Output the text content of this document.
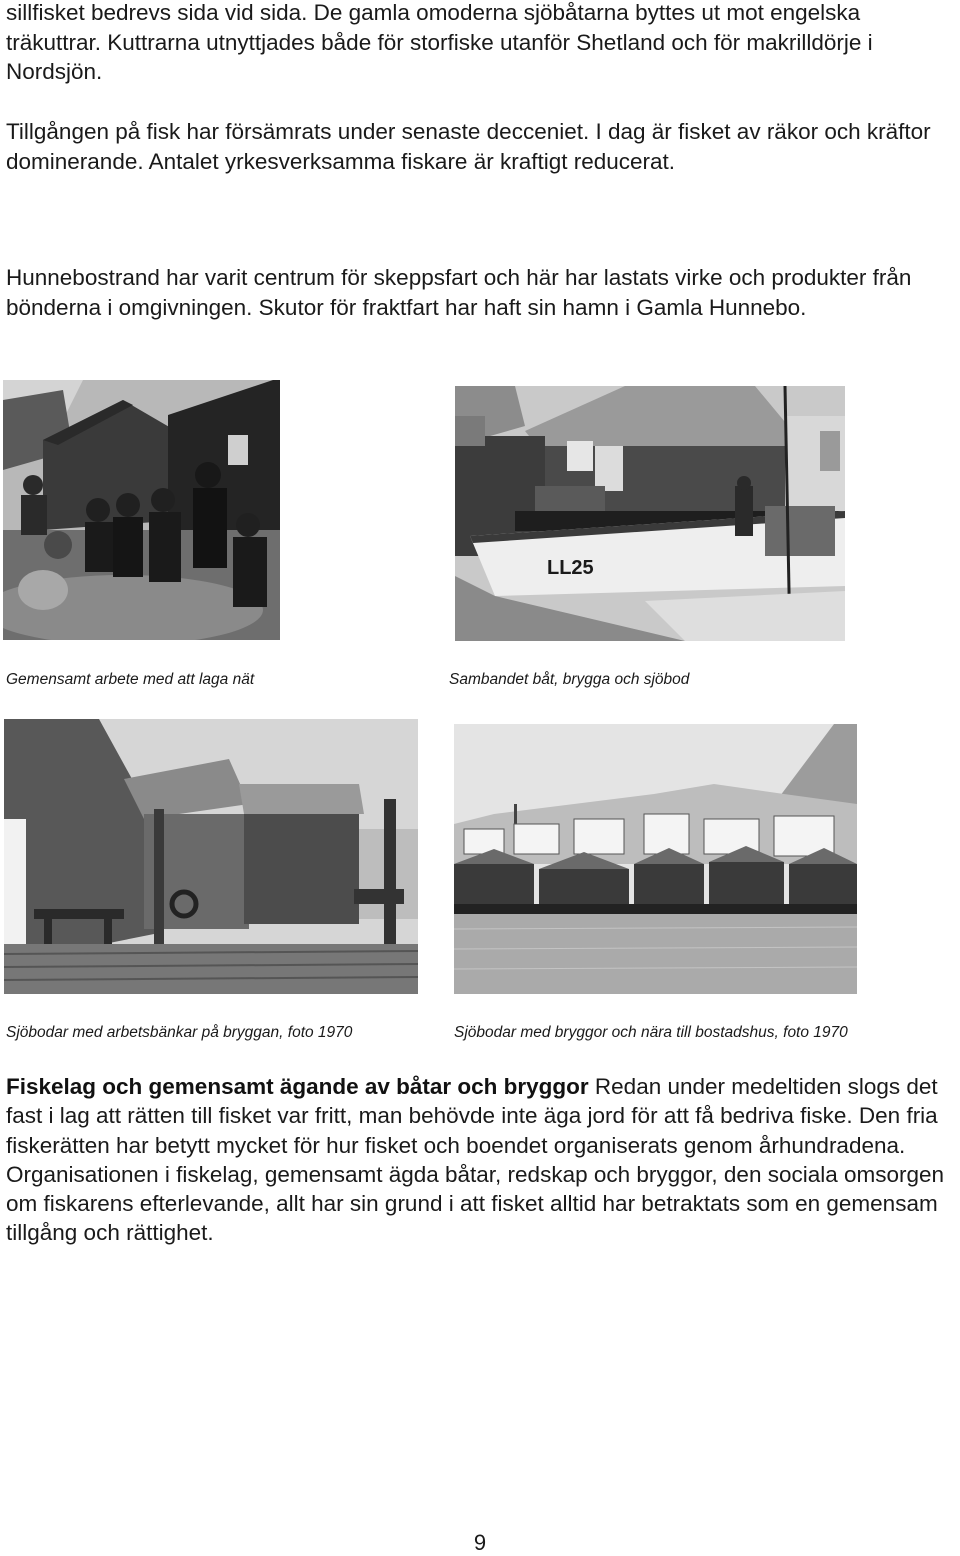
sillfisket bedrevs sida vid sida. De gamla omoderna sjöbåtarna byttes ut mot engelska träkuttrar. Kuttrarna utnyttjades både för storfiske utanför Shetland och för makrilldörje i Nordsjön.

Tillgången på fisk har försämrats under senaste decceniet. I dag är fisket av räkor och kräftor dominerande. Antalet yrkesverksamma fiskare är kraftigt reducerat.

Hunnebostrand har varit centrum för skeppsfart och här har lastats virke och produkter från bönderna i omgivningen. Skutor för fraktfart har haft sin hamn i Gamla Hunnebo.

LL25
Gemensamt arbete med att laga nät	Sambandet båt, brygga och sjöbod
Sjöbodar med arbetsbänkar på bryggan, foto 1970	Sjöbodar med bryggor och nära till bostadshus, foto 1970

Fiskelag och gemensamt ägande av båtar och bryggor Redan under medeltiden slogs det fast i lag att rätten till fisket var fritt, man behövde inte äga jord för att få bedriva fiske. Den fria fiskerätten har betytt mycket för hur fisket och boendet organiserats genom århundradena. Organisationen i fiskelag, gemensamt ägda båtar, redskap och bryggor, den sociala omsorgen om fiskarens efterlevande, allt har sin grund i att fisket alltid har betraktats som en gemensam tillgång och rättighet.

9
